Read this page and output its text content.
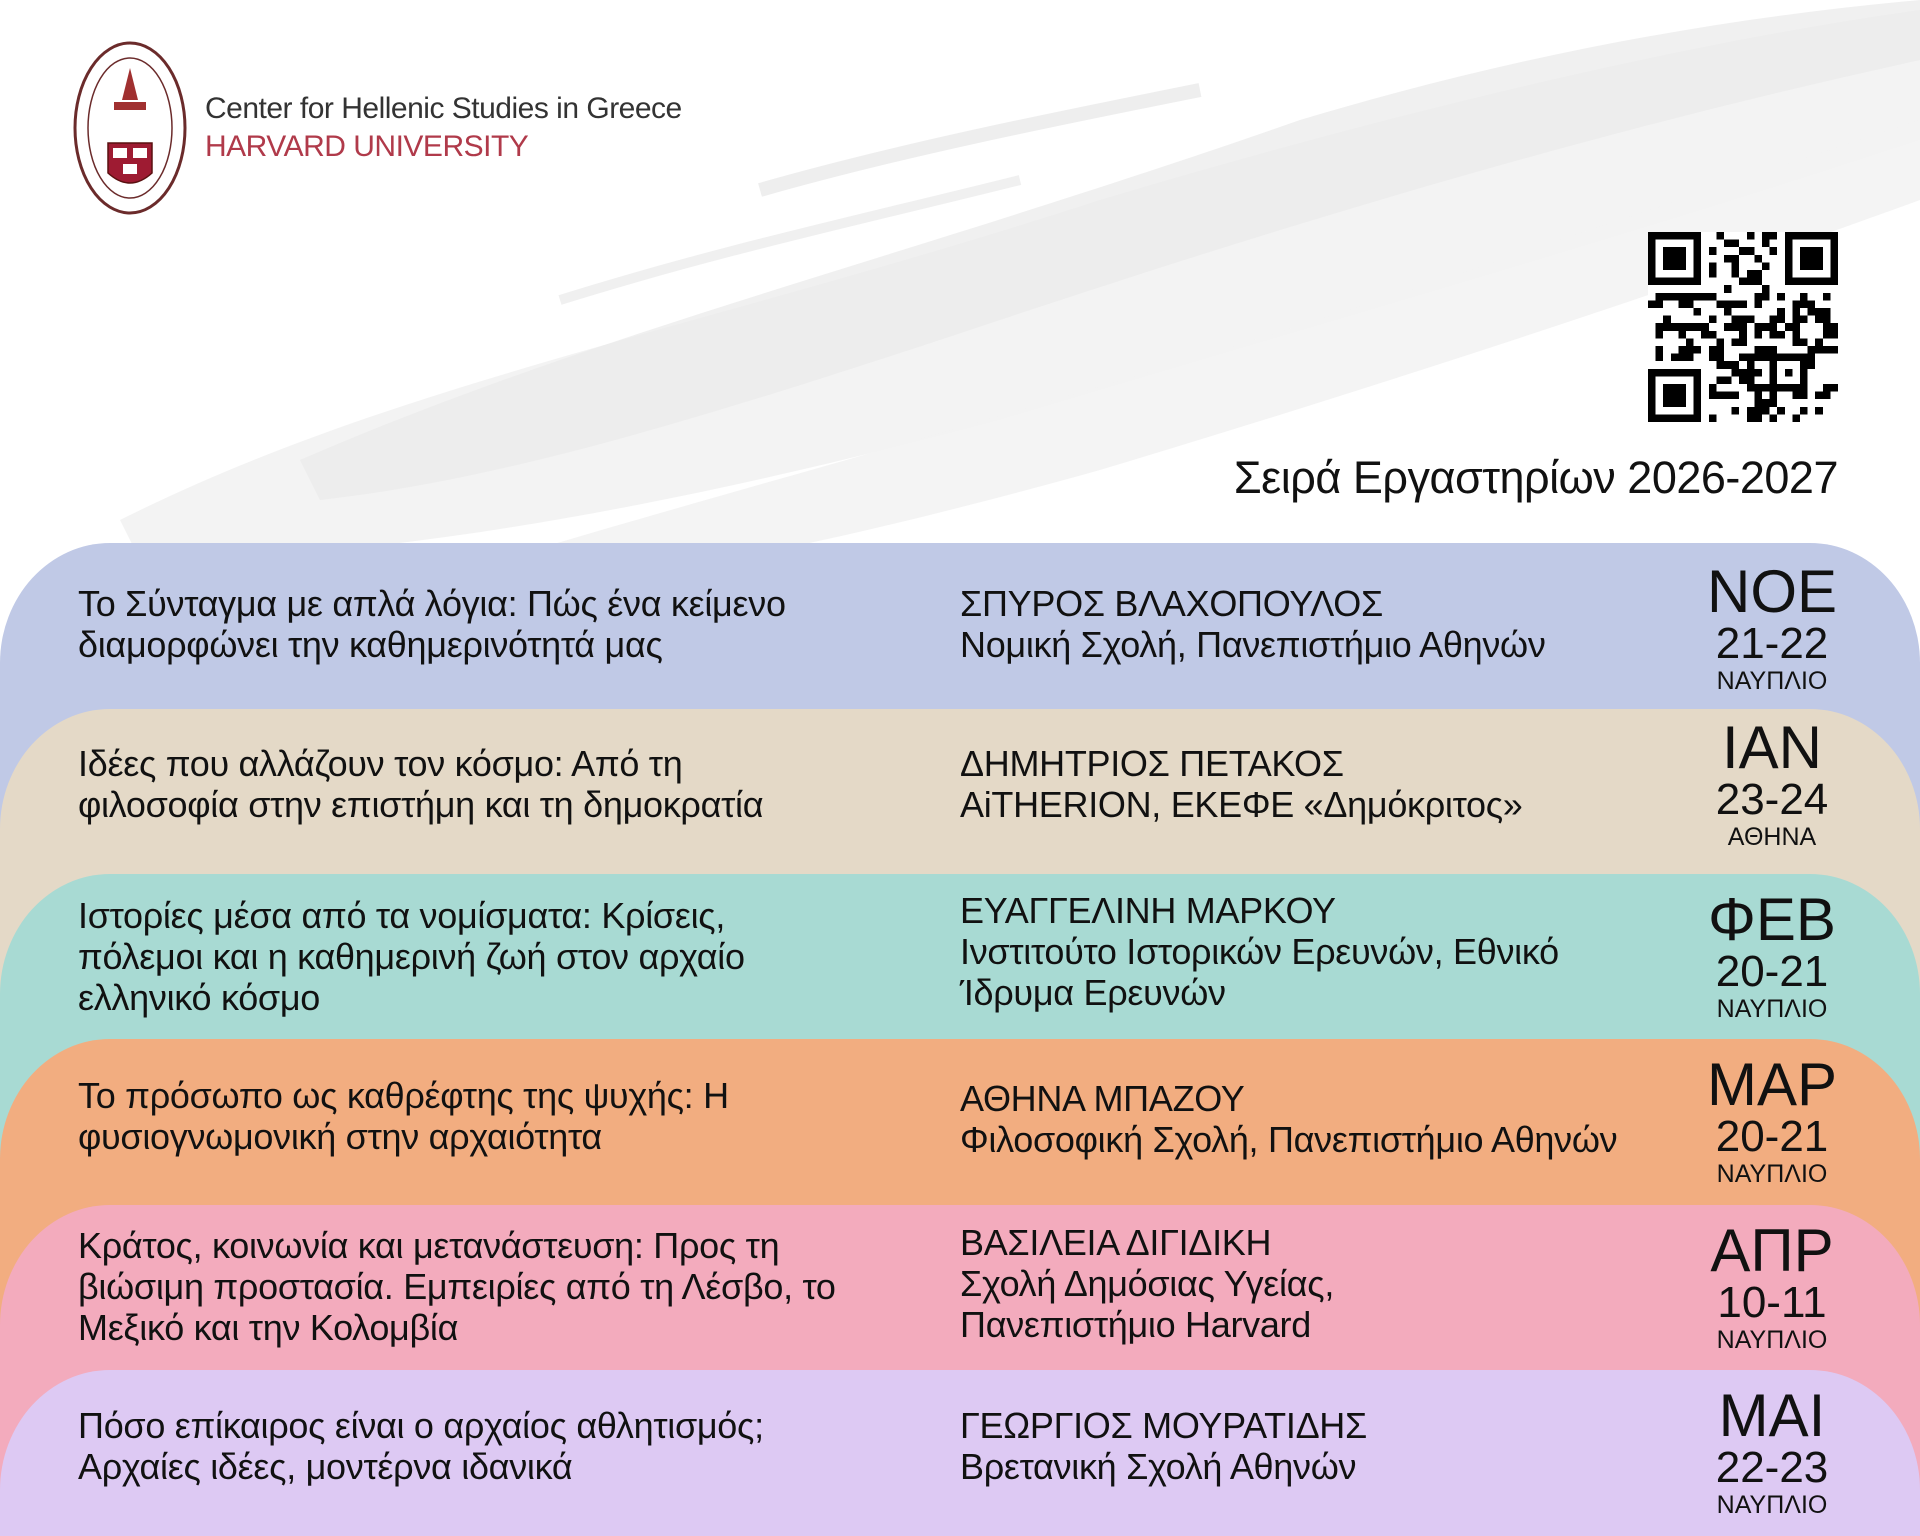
Center for Hellenic Studies in Greece
HARVARD UNIVERSITY
Σειρά Εργαστηρίων 2026-2027
Το Σύνταγμα με απλά λόγια: Πώς ένα κείμενο
διαμορφώνει την καθημερινότητά μας
ΣΠΥΡΟΣ ΒΛΑΧΟΠΟΥΛΟΣ
Νομική Σχολή, Πανεπιστήμιο Αθηνών
ΝΟΕ
21-22
ΝΑΥΠΛΙΟ
Ιδέες που αλλάζουν τον κόσμο: Από τη
φιλοσοφία στην επιστήμη και τη δημοκρατία
ΔΗΜΗΤΡΙΟΣ ΠΕΤΑΚΟΣ
AiTHERION, ΕΚΕΦΕ «Δημόκριτος»
ΙΑΝ
23-24
ΑΘΗΝΑ
Ιστορίες μέσα από τα νομίσματα: Κρίσεις,
πόλεμοι και η καθημερινή ζωή στον αρχαίο
ελληνικό κόσμο
ΕΥΑΓΓΕΛΙΝΗ ΜΑΡΚΟΥ
Ινστιτούτο Ιστορικών Ερευνών, Εθνικό
Ίδρυμα Ερευνών
ΦΕΒ
20-21
ΝΑΥΠΛΙΟ
Το πρόσωπο ως καθρέφτης της ψυχής: Η
φυσιογνωμονική στην αρχαιότητα
ΑΘΗΝΑ ΜΠΑΖΟΥ
Φιλοσοφική Σχολή, Πανεπιστήμιο Αθηνών
ΜΑΡ
20-21
ΝΑΥΠΛΙΟ
Κράτος, κοινωνία και μετανάστευση: Προς τη
βιώσιμη προστασία. Εμπειρίες από τη Λέσβο, το
Μεξικό και την Κολομβία
ΒΑΣΙΛΕΙΑ ΔΙΓΙΔΙΚΗ
Σχολή Δημόσιας Υγείας,
Πανεπιστήμιο Harvard
ΑΠΡ
10-11
ΝΑΥΠΛΙΟ
Πόσο επίκαιρος είναι ο αρχαίος αθλητισμός;
Αρχαίες ιδέες, μοντέρνα ιδανικά
ΓΕΩΡΓΙΟΣ ΜΟΥΡΑΤΙΔΗΣ
Βρετανική Σχολή Αθηνών
ΜΑΙ
22-23
ΝΑΥΠΛΙΟ
